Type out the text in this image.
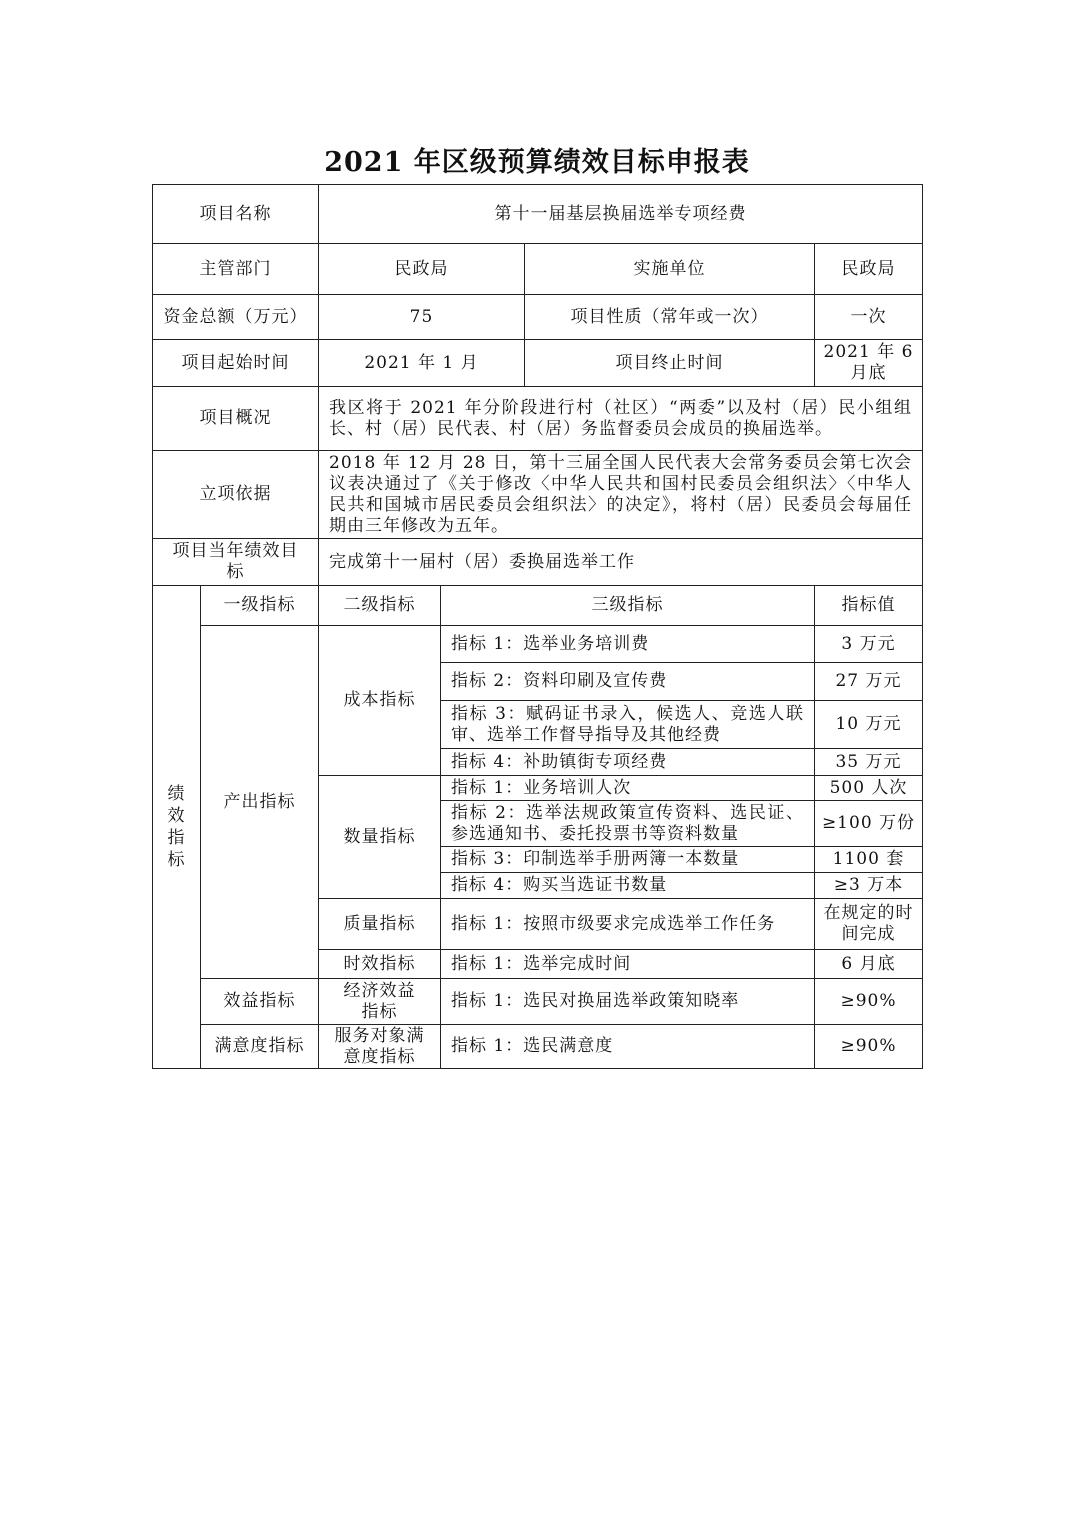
2021 年区级预算绩效目标申报表
项目名称		第十一届基层换届选举专项经费			
主管部门		民政局		实施单位	民政局
资金总额（万元）		75		项目性质（常年或一次）	一次
项目起始时间		2021 年 1 月		项目终止时间	2021 年 6 月底
项目概况		我区将于 2021 年分阶段进行村（社区）“两委”以及村（居）民小组组长、村（居）民代表、村（居）务监督委员会成员的换届选举。			
立项依据		2018 年 12 月 28 日，第十三届全国人民代表大会常务委员会第七次会议表决通过了《关于修改〈中华人民共和国村民委员会组织法〉〈中华人民共和国城市居民委员会组织法〉的决定》，将村（居）民委员会每届任期由三年修改为五年。			
项目当年绩效目标		完成第十一届村（居）委换届选举工作			
绩效指标	一级指标	二级指标	三级指标		指标值
	产出指标	成本指标	指标 1：选举业务培训费		3 万元
			指标 2：资料印刷及宣传费		27 万元
			指标 3：赋码证书录入，候选人、竞选人联审、选举工作督导指导及其他经费		10 万元
			指标 4：补助镇街专项经费		35 万元
		数量指标	指标 1：业务培训人次		500 人次
			指标 2：选举法规政策宣传资料、选民证、参选通知书、委托投票书等资料数量		≥100 万份
			指标 3：印制选举手册两簿一本数量		1100 套
			指标 4：购买当选证书数量		≥3 万本
		质量指标	指标 1：按照市级要求完成选举工作任务		在规定的时间完成
		时效指标	指标 1：选举完成时间		6 月底
	效益指标	经济效益指标	指标 1：选民对换届选举政策知晓率		≥90%
	满意度指标	服务对象满意度指标	指标 1：选民满意度		≥90%
